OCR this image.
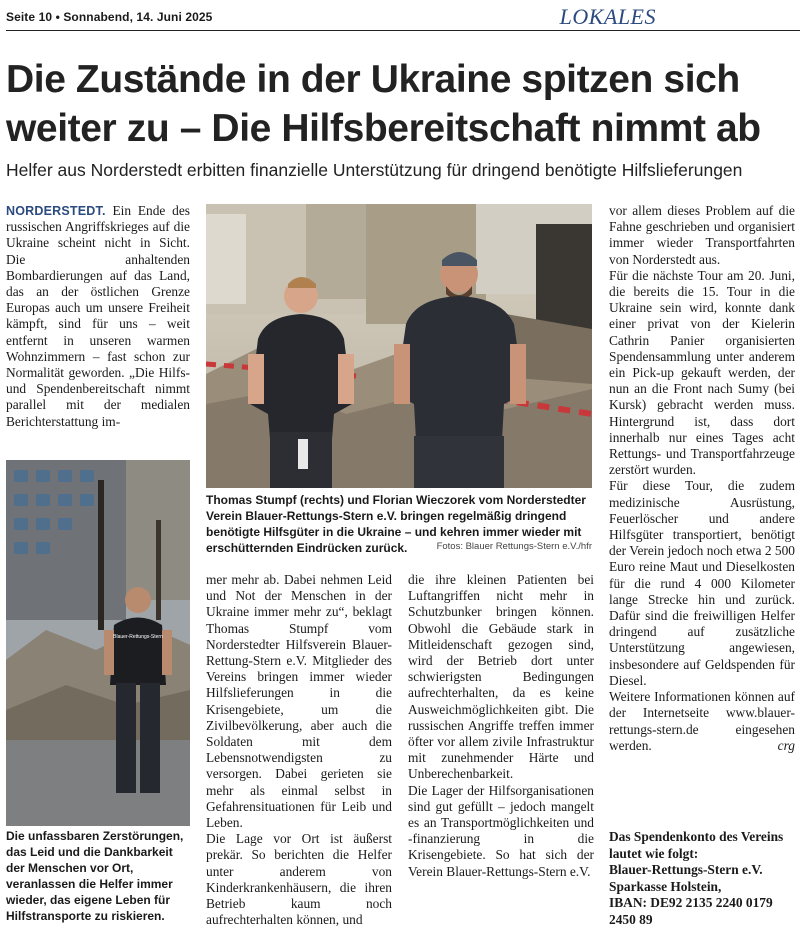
Seite 10 • Sonnabend, 14. Juni 2025	LOKALES
Die Zustände in der Ukraine spitzen sich weiter zu – Die Hilfsbereitschaft nimmt ab
Helfer aus Norderstedt erbitten finanzielle Unterstützung für dringend benötigte Hilfslieferungen

NORDERSTEDT. Ein Ende des russischen Angriffskrieges auf die Ukraine scheint nicht in Sicht. Die anhaltenden Bombardierungen auf das Land, das an der östlichen Grenze Europas auch um unsere Freiheit kämpft, sind für uns – weit entfernt in unseren warmen Wohnzimmern – fast schon zur Normalität geworden. „Die Hilfs- und Spendenbereitschaft nimmt parallel mit der medialen Berichterstattung im-

Thomas Stumpf (rechts) und Florian Wieczorek vom Norderstedter Verein Blauer-Rettungs-Stern e.V. bringen regelmäßig dringend benötigte Hilfsgüter in die Ukraine – und kehren immer wieder mit erschütternden Eindrücken zurück.	Fotos: Blauer Rettungs-Stern e.V./hfr
Blauer-Rettungs-Stern
Die unfassbaren Zerstörungen, das Leid und die Dankbarkeit der Menschen vor Ort, veranlassen die Helfer immer wieder, das eigene Leben für Hilfstransporte zu riskieren.

mer mehr ab. Dabei nehmen Leid und Not der Menschen in der Ukraine immer mehr zu“, beklagt Thomas Stumpf vom Norderstedter Hilfsverein Blauer-Rettung-Stern e.V. Mitglieder des Vereins bringen immer wieder Hilfslieferungen in die Krisengebiete, um die Zivilbevölkerung, aber auch die Soldaten mit dem Lebensnotwendigsten zu versorgen. Dabei gerieten sie mehr als einmal selbst in Gefahrensituationen für Leib und Leben.

Die Lage vor Ort ist äußerst prekär. So berichten die Helfer unter anderem von Kinderkrankenhäusern, die ihren Betrieb kaum noch aufrechterhalten können, und

die ihre kleinen Patienten bei Luftangriffen nicht mehr in Schutzbunker bringen können. Obwohl die Gebäude stark in Mitleidenschaft gezogen sind, wird der Betrieb dort unter schwierigsten Bedingungen aufrechterhalten, da es keine Ausweichmöglichkeiten gibt. Die russischen Angriffe treffen immer öfter vor allem zivile Infrastruktur mit zunehmender Härte und Unberechenbarkeit.

Die Lager der Hilfsorganisationen sind gut gefüllt – jedoch mangelt es an Transportmöglichkeiten und -finanzierung in die Krisengebiete. So hat sich der Verein Blauer-Rettungs-Stern e.V.

vor allem dieses Problem auf die Fahne geschrieben und organisiert immer wieder Transportfahrten von Norderstedt aus.

Für die nächste Tour am 20. Juni, die bereits die 15. Tour in die Ukraine sein wird, konnte dank einer privat von der Kielerin Cathrin Panier organisierten Spendensammlung unter anderem ein Pick-up gekauft werden, der nun an die Front nach Sumy (bei Kursk) gebracht werden muss. Hintergrund ist, dass dort innerhalb nur eines Tages acht Rettungs- und Transportfahrzeuge zerstört wurden.

Für diese Tour, die zudem medizinische Ausrüstung, Feuerlöscher und andere Hilfsgüter transportiert, benötigt der Verein jedoch noch etwa 2 500 Euro reine Maut und Dieselkosten für die rund 4 000 Kilometer lange Strecke hin und zurück. Dafür sind die freiwilligen Helfer dringend auf zusätzliche Unterstützung angewiesen, insbesondere auf Geldspenden für Diesel.

Weitere Informationen können auf der Internetseite www.blauer-rettungs-stern.de eingesehen werden.	crg

Das Spendenkonto des Vereins lautet wie folgt:
Blauer-Rettungs-Stern e.V.
Sparkasse Holstein,
IBAN: DE92 2135 2240 0179 2450 89
